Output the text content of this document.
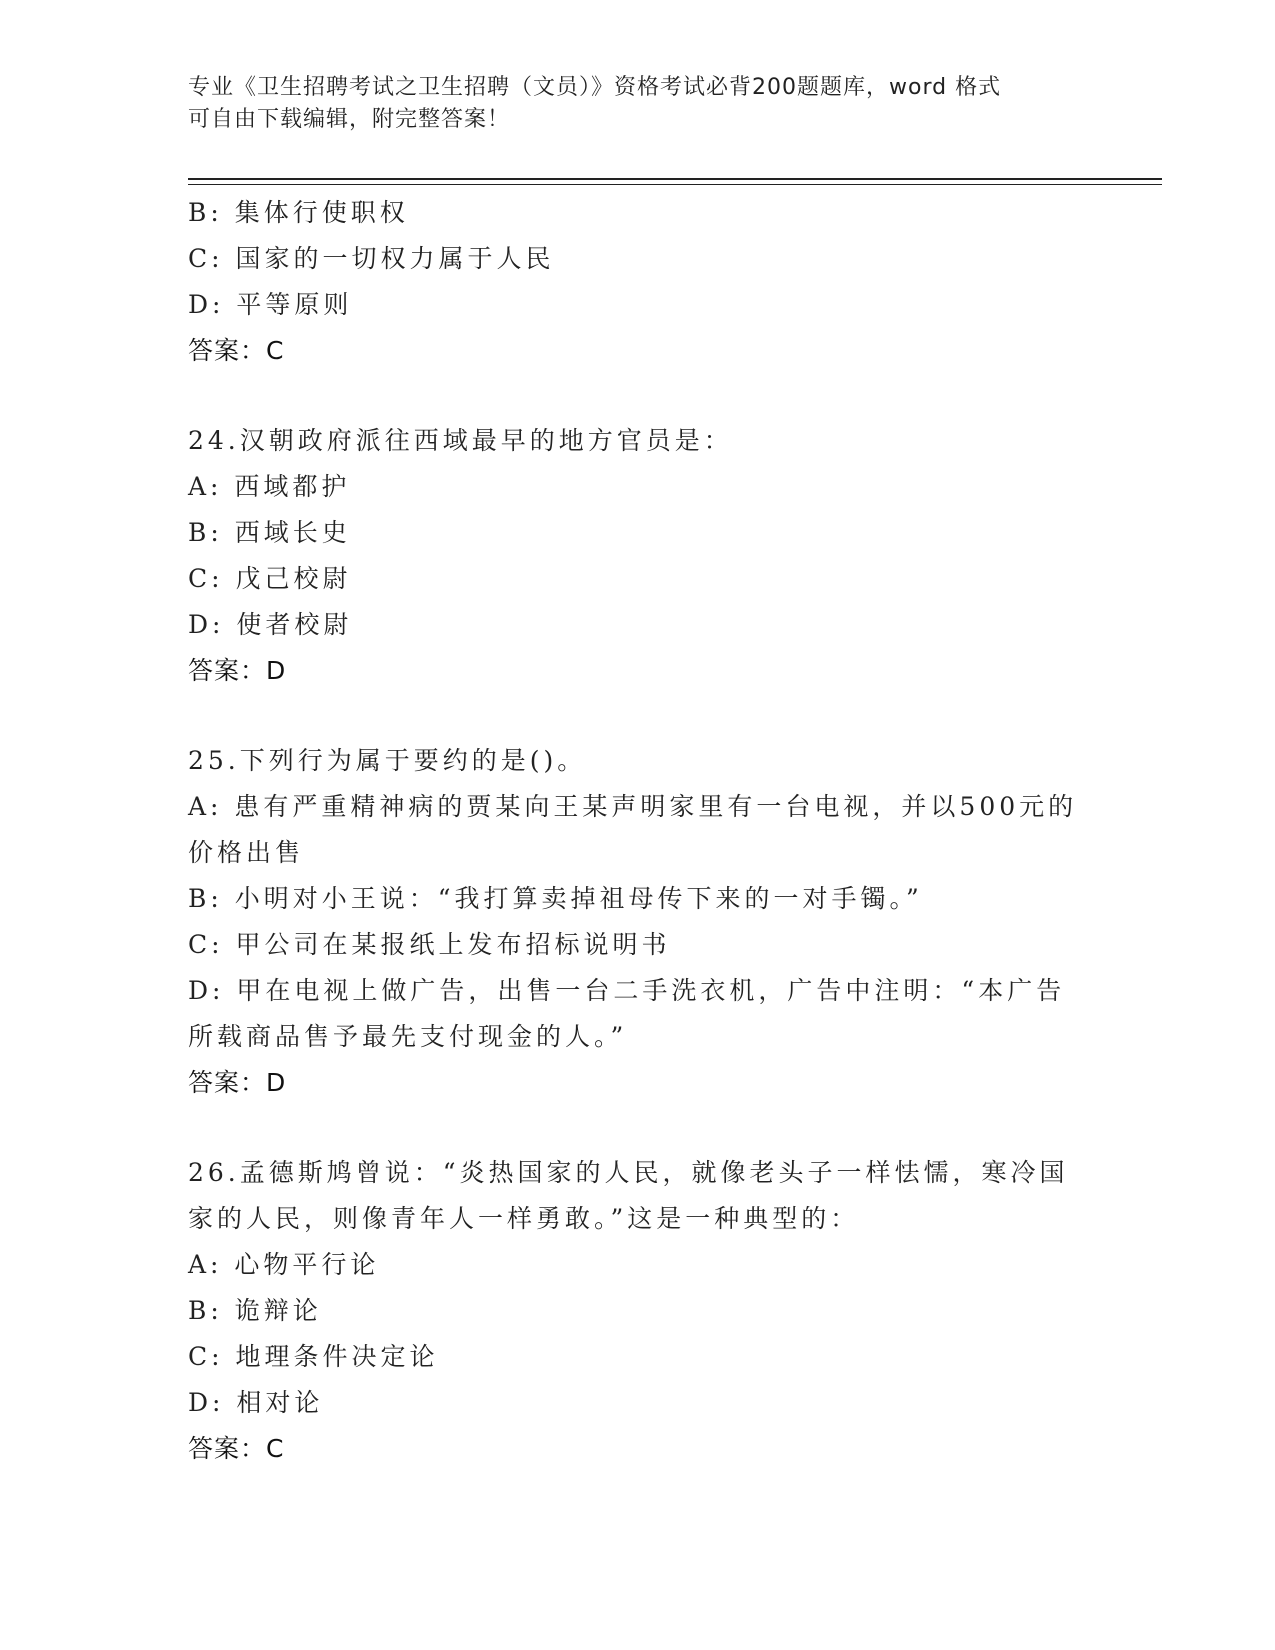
专业《卫生招聘考试之卫生招聘（文员）》资格考试必背200题题库，word 格式
可自由下载编辑，附完整答案！

B: 集体行使职权

C: 国家的一切权力属于人民

D: 平等原则

答案：C

24.汉朝政府派往西域最早的地方官员是：

A: 西域都护

B: 西域长史

C: 戊己校尉

D: 使者校尉

答案：D

25.下列行为属于要约的是()。

A: 患有严重精神病的贾某向王某声明家里有一台电视，并以500元的

价格出售

B: 小明对小王说：“我打算卖掉祖母传下来的一对手镯。”

C: 甲公司在某报纸上发布招标说明书

D: 甲在电视上做广告，出售一台二手洗衣机，广告中注明：“本广告

所载商品售予最先支付现金的人。”

答案：D

26.孟德斯鸠曾说：“炎热国家的人民，就像老头子一样怯懦，寒冷国

家的人民，则像青年人一样勇敢。”这是一种典型的：

A: 心物平行论

B: 诡辩论

C: 地理条件决定论

D: 相对论

答案：C
